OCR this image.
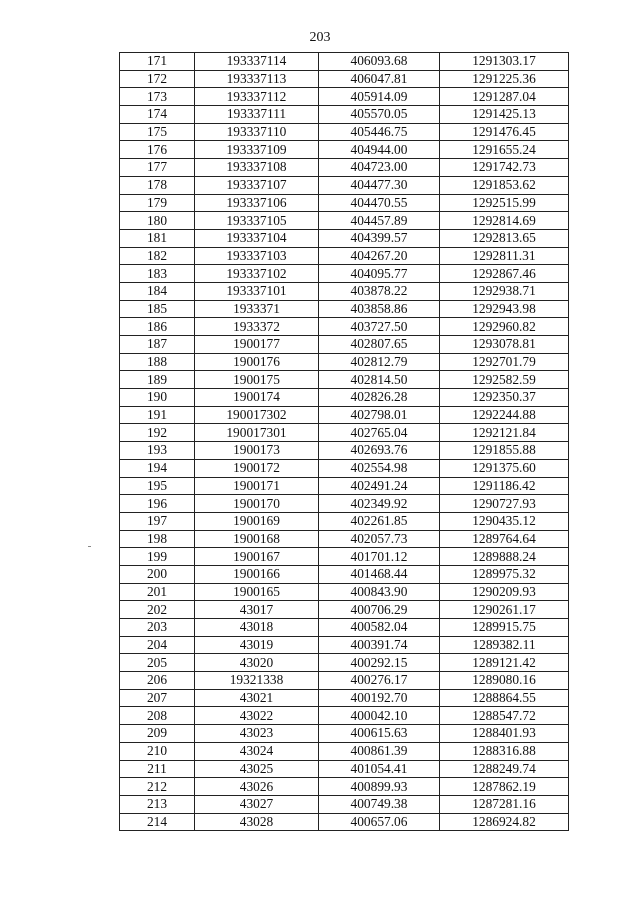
203
171	193337114	406093.68	1291303.17
172	193337113	406047.81	1291225.36
173	193337112	405914.09	1291287.04
174	193337111	405570.05	1291425.13
175	193337110	405446.75	1291476.45
176	193337109	404944.00	1291655.24
177	193337108	404723.00	1291742.73
178	193337107	404477.30	1291853.62
179	193337106	404470.55	1292515.99
180	193337105	404457.89	1292814.69
181	193337104	404399.57	1292813.65
182	193337103	404267.20	1292811.31
183	193337102	404095.77	1292867.46
184	193337101	403878.22	1292938.71
185	1933371	403858.86	1292943.98
186	1933372	403727.50	1292960.82
187	1900177	402807.65	1293078.81
188	1900176	402812.79	1292701.79
189	1900175	402814.50	1292582.59
190	1900174	402826.28	1292350.37
191	190017302	402798.01	1292244.88
192	190017301	402765.04	1292121.84
193	1900173	402693.76	1291855.88
194	1900172	402554.98	1291375.60
195	1900171	402491.24	1291186.42
196	1900170	402349.92	1290727.93
197	1900169	402261.85	1290435.12
198	1900168	402057.73	1289764.64
199	1900167	401701.12	1289888.24
200	1900166	401468.44	1289975.32
201	1900165	400843.90	1290209.93
202	43017	400706.29	1290261.17
203	43018	400582.04	1289915.75
204	43019	400391.74	1289382.11
205	43020	400292.15	1289121.42
206	19321338	400276.17	1289080.16
207	43021	400192.70	1288864.55
208	43022	400042.10	1288547.72
209	43023	400615.63	1288401.93
210	43024	400861.39	1288316.88
211	43025	401054.41	1288249.74
212	43026	400899.93	1287862.19
213	43027	400749.38	1287281.16
214	43028	400657.06	1286924.82
